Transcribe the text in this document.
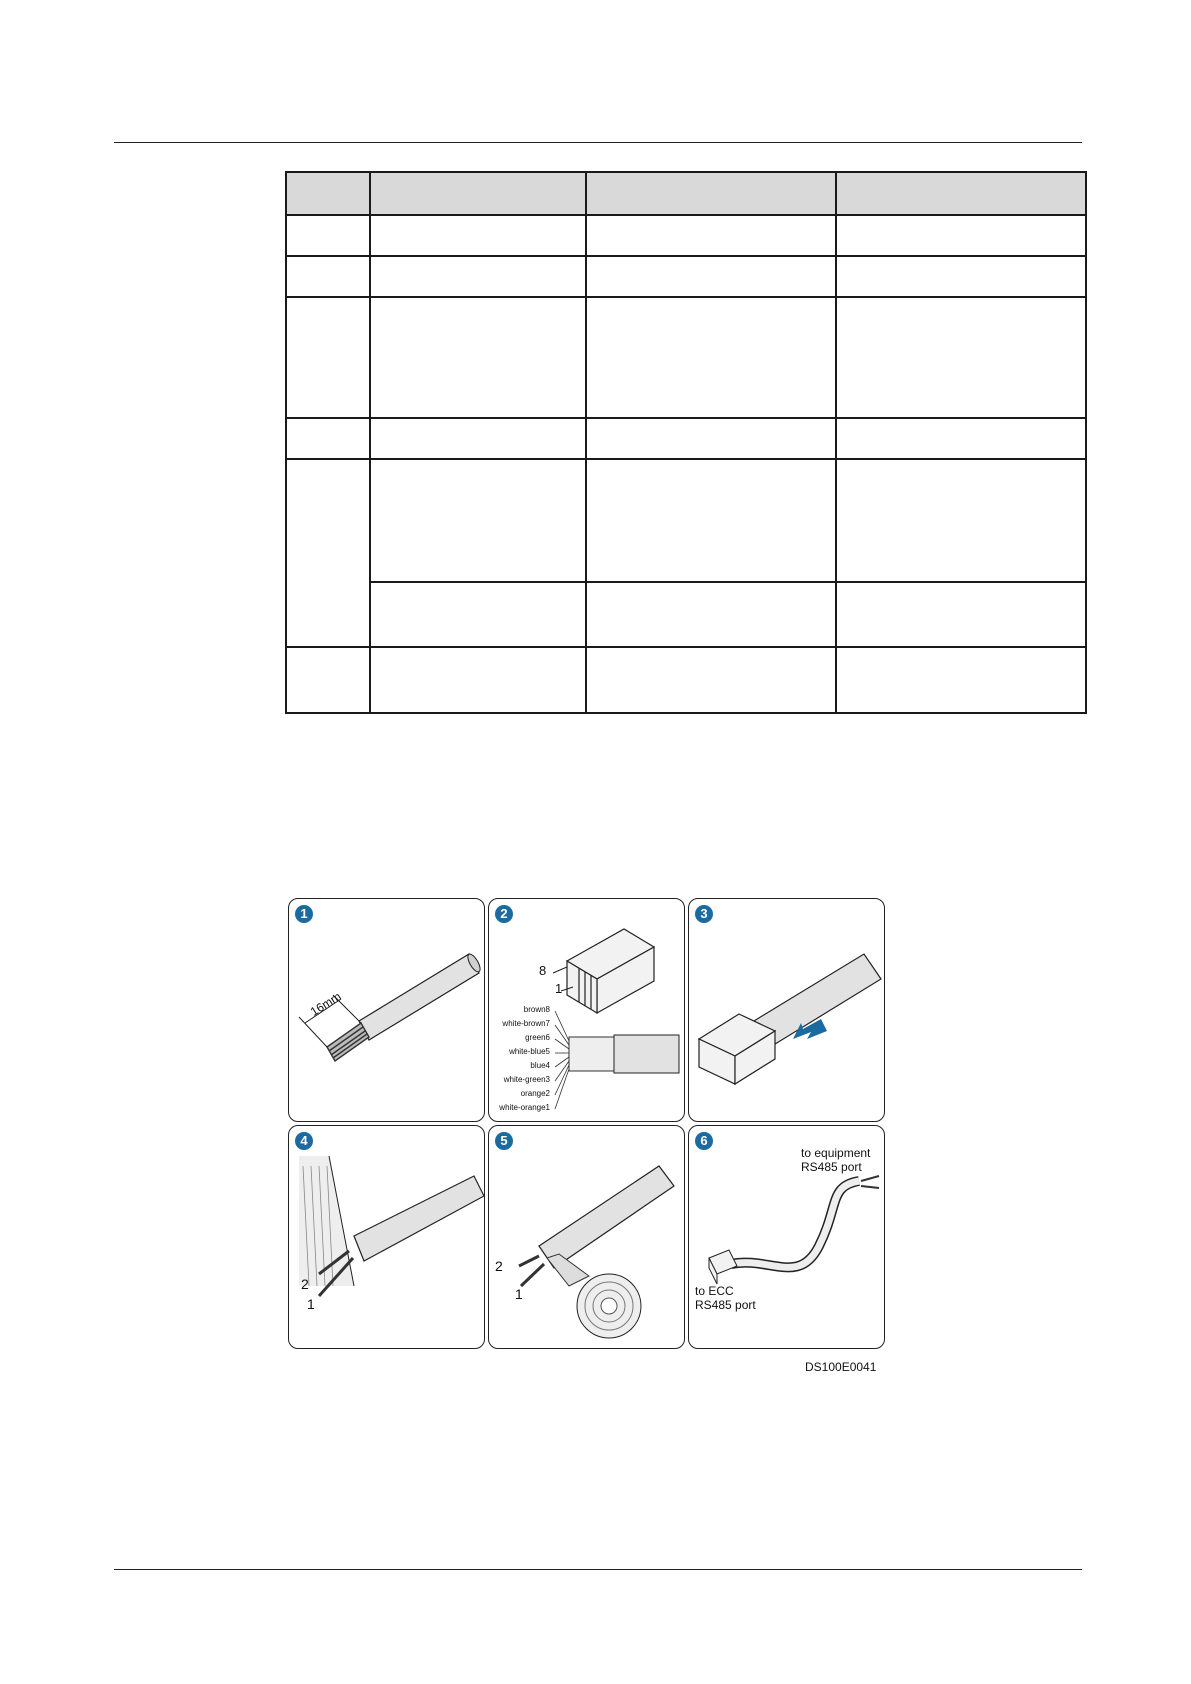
1
16mm
2
8
1
brown8
white-brown7
green6
white-blue5
blue4
white-green3
orange2
white-orange1
3
4
2
1
5
2
1
6
to equipment
RS485 port
to ECC
RS485 port
DS100E0041
